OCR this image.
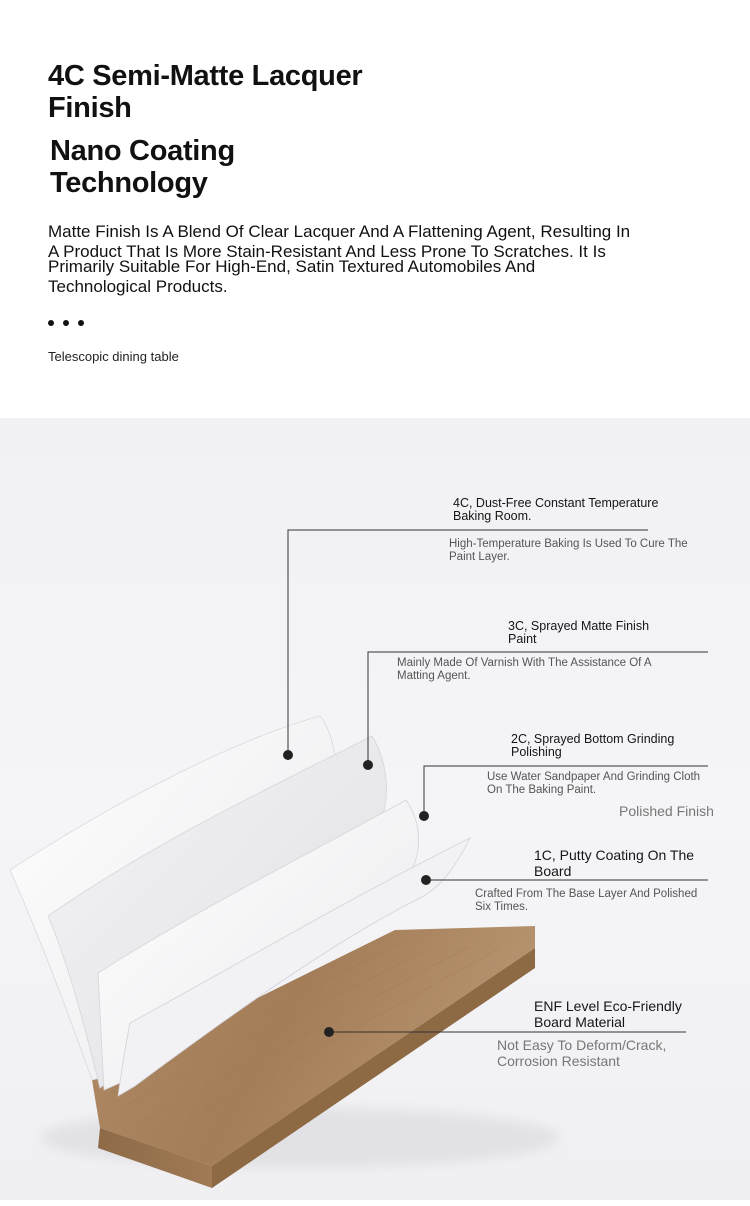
4C Semi-Matte Lacquer Finish
Nano Coating Technology

Matte Finish Is A Blend Of Clear Lacquer And A Flattening Agent, Resulting In
A Product That Is More Stain-Resistant And Less Prone To Scratches. It Is
Primarily Suitable For High-End, Satin Textured Automobiles And
Technological Products.

Telescopic dining table

4C, Dust-Free Constant Temperature Baking Room.

High-Temperature Baking Is Used To Cure The Paint Layer.

3C, Sprayed Matte Finish Paint

Mainly Made Of Varnish With The Assistance Of A Matting Agent.

2C, Sprayed Bottom Grinding Polishing

Use Water Sandpaper And Grinding Cloth On The Baking Paint.

Polished Finish

1C, Putty Coating On The Board

Crafted From The Base Layer And Polished Six Times.

ENF Level Eco-Friendly Board Material

Not Easy To Deform/Crack, Corrosion Resistant
